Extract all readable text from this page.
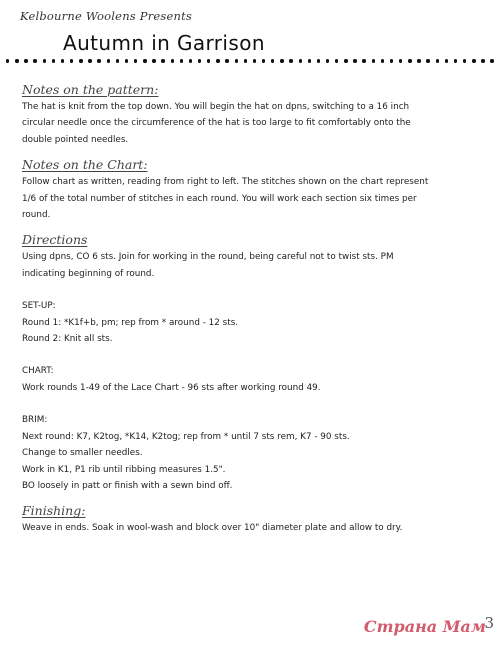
Kelbourne Woolens Presents
Autumn in Garrison
Notes on the pattern:

The hat is knit from the top down. You will begin the hat on dpns, switching to a 16 inch

circular needle once the circumference of the hat is too large to fit comfortably onto the

double pointed needles.

Notes on the Chart:

Follow chart as written, reading from right to left. The stitches shown on the chart represent

1/6 of the total number of stitches in each round. You will work each section six times per

round.

Directions

Using dpns, CO 6 sts. Join for working in the round, being careful not to twist sts. PM

indicating beginning of round.

SET-UP:

Round 1: *K1f+b, pm; rep from * around - 12 sts.

Round 2: Knit all sts.

CHART:

Work rounds 1-49 of the Lace Chart - 96 sts after working round 49.

BRIM:

Next round: K7, K2tog, *K14, K2tog; rep from * until 7 sts rem, K7 - 90 sts.

Change to smaller needles.

Work in K1, P1 rib until ribbing measures 1.5".

BO loosely in patt or finish with a sewn bind off.

Finishing:

Weave in ends. Soak in wool-wash and block over 10" diameter plate and allow to dry.

3
Страна Мам
